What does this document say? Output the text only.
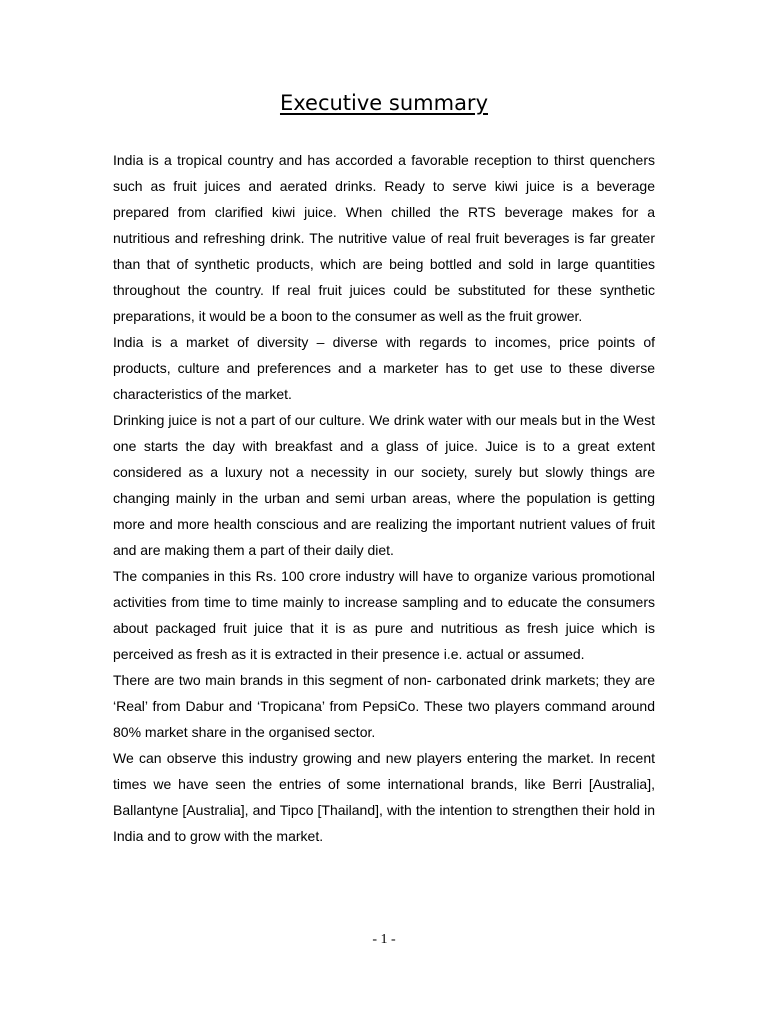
Executive summary

India is a tropical country and has accorded a favorable reception to thirst quenchers such as fruit juices and aerated drinks. Ready to serve kiwi juice is a beverage prepared from clarified kiwi juice. When chilled the RTS beverage makes for a nutritious and refreshing drink. The nutritive value of real fruit beverages is far greater than that of synthetic products, which are being bottled and sold in large quantities throughout the country. If real fruit juices could be substituted for these synthetic preparations, it would be a boon to the consumer as well as the fruit grower.

India is a market of diversity – diverse with regards to incomes, price points of products, culture and preferences and a marketer has to get use to these diverse characteristics of the market.

Drinking juice is not a part of our culture. We drink water with our meals but in the West one starts the day with breakfast and a glass of juice. Juice is to a great extent considered as a luxury not a necessity in our society, surely but slowly things are changing mainly in the urban and semi urban areas, where the population is getting more and more health conscious and are realizing the important nutrient values of fruit and are making them a part of their daily diet.

The companies in this Rs. 100 crore industry will have to organize various promotional activities from time to time mainly to increase sampling and to educate the consumers about packaged fruit juice that it is as pure and nutritious as fresh juice which is perceived as fresh as it is extracted in their presence i.e. actual or assumed.

There are two main brands in this segment of non- carbonated drink markets; they are ‘Real’ from Dabur and ‘Tropicana’ from PepsiCo. These two players command around 80% market share in the organised sector.

We can observe this industry growing and new players entering the market. In recent times we have seen the entries of some international brands, like Berri [Australia], Ballantyne [Australia], and Tipco [Thailand], with the intention to strengthen their hold in India and to grow with the market.

- 1 -
